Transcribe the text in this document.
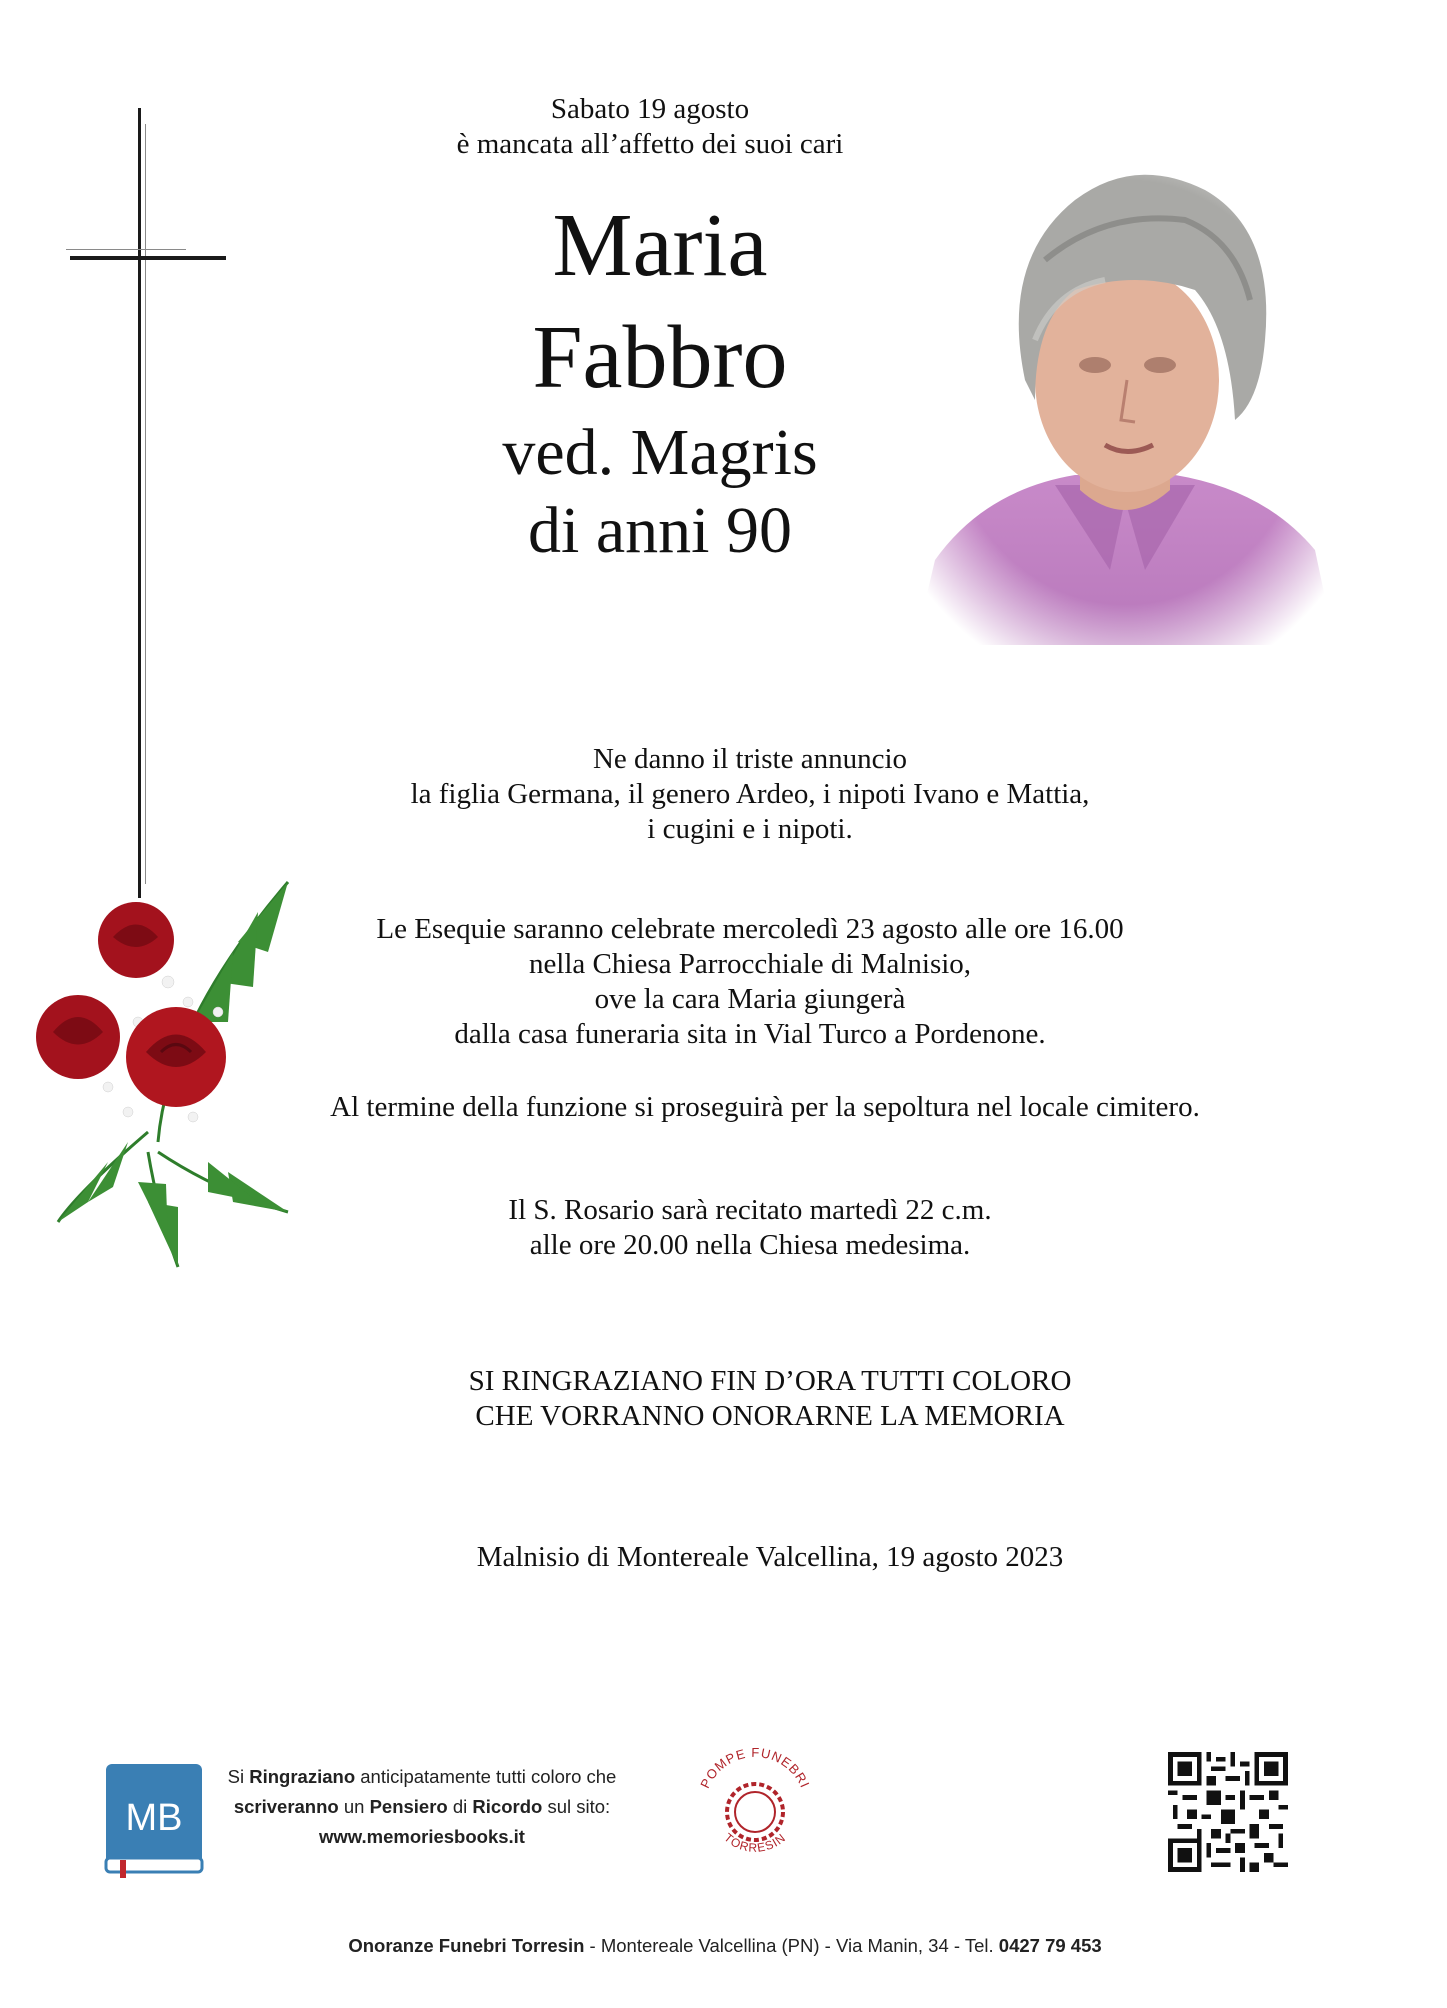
Sabato 19 agosto
è mancata all’affetto dei suoi cari
Maria
Fabbro
ved. Magris
di anni 90
Ne danno il triste annuncio
la figlia Germana, il genero Ardeo, i nipoti Ivano e Mattia,
i cugini e i nipoti.
Le Esequie saranno celebrate mercoledì 23 agosto alle ore 16.00
nella Chiesa Parrocchiale di Malnisio,
ove la cara Maria giungerà
dalla casa funeraria sita in Vial Turco a Pordenone.
Al termine della funzione si proseguirà per la sepoltura nel locale cimitero.
Il S. Rosario sarà recitato martedì 22 c.m.
alle ore 20.00 nella Chiesa medesima.
SI RINGRAZIANO FIN D’ORA TUTTI COLORO
CHE VORRANNO ONORARNE LA MEMORIA
Malnisio di Montereale Valcellina, 19 agosto 2023
MB
Si Ringraziano anticipatamente tutti coloro che
scriveranno un Pensiero di Ricordo sul sito:
www.memoriesbooks.it
POMPE FUNEBRI
TORRESIN
Onoranze Funebri Torresin - Montereale Valcellina (PN) - Via Manin, 34 - Tel. 0427 79 453
